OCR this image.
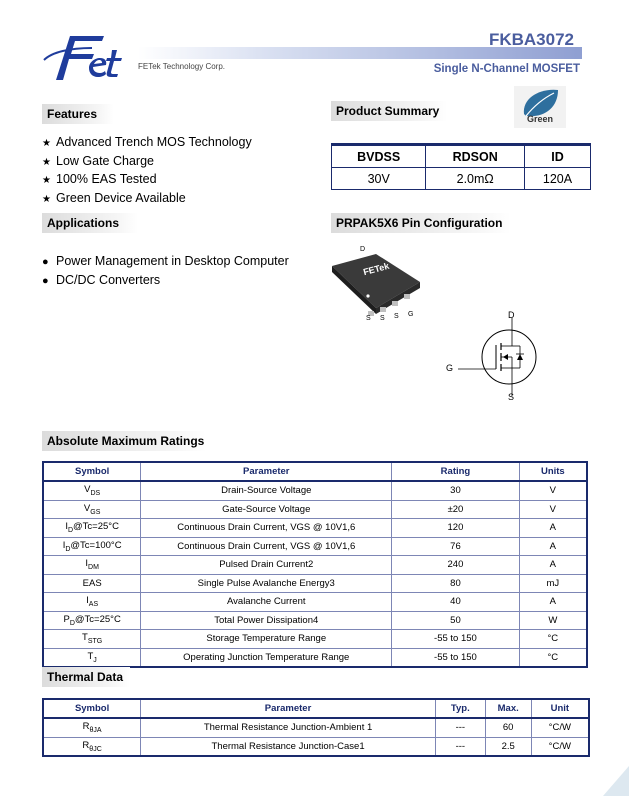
FETek Technology Corp.
FKBA3072
Single N-Channel MOSFET
Features
★ Advanced Trench MOS Technology
★ Low Gate Charge
★ 100% EAS Tested
★ Green Device Available
Applications
● Power Management in Desktop Computer
● DC/DC Converters
Product Summary
Green
BVDSS	RDSON	ID
30V	2.0mΩ	120A
PRPAK5X6 Pin Configuration
D
FETek
S S S G	D
G
S
Absolute Maximum Ratings
Symbol	Parameter	Rating	Units
$V_{DS}$	Drain-Source Voltage	30	V
$V_{GS}$	Gate-Source Voltage	±20	V
$I_D@Tc=25^\circ C$	Continuous Drain Current, VGS @ 10V1,6	120	A
$I_D@Tc=100^\circ C$	Continuous Drain Current, VGS @ 10V1,6	76	A
$I_{DM}$	Pulsed Drain Current2	240	A
EAS	Single Pulse Avalanche Energy3	80	mJ
$I_{AS}$	Avalanche Current	40	A
$P_D@Tc=25^\circ C$	Total Power Dissipation4	50	W
$T_{STG}$	Storage Temperature Range	-55 to 150	°C
$T_J$	Operating Junction Temperature Range	-55 to 150	°C
Thermal Data
Symbol	Parameter	Typ.	Max.	Unit
$R_{\theta JA}$	Thermal Resistance Junction-Ambient 1	---	60	°C/W
$R_{\theta JC}$	Thermal Resistance Junction-Case1	---	2.5	°C/W
